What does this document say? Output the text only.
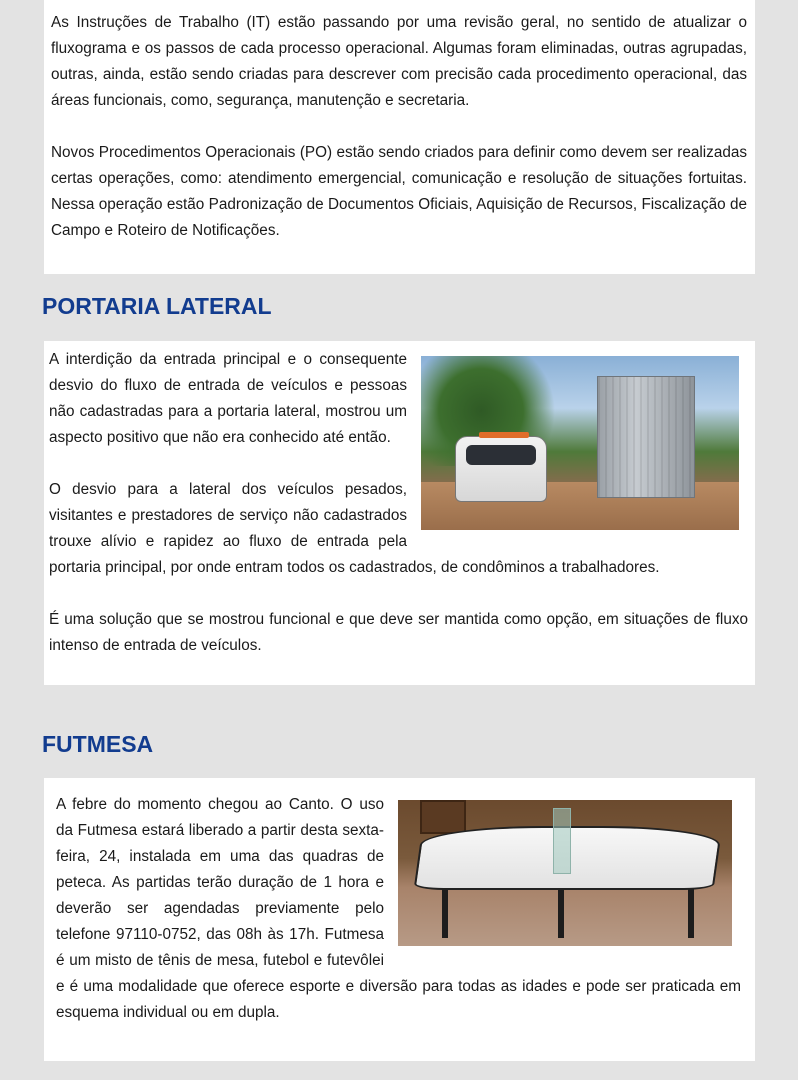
As Instruções de Trabalho (IT) estão passando por uma revisão geral, no sentido de atualizar o fluxograma e os passos de cada processo operacional. Algumas foram eliminadas, outras agrupadas, outras, ainda, estão sendo criadas para descrever com precisão cada procedimento operacional, das áreas funcionais, como, segurança, manutenção e secretaria.

Novos Procedimentos Operacionais (PO) estão sendo criados para definir como devem ser realizadas certas operações, como: atendimento emergencial, comunicação e resolução de situações fortuitas. Nessa operação estão Padronização de Documentos Oficiais, Aquisição de Recursos, Fiscalização de Campo e Roteiro de Notificações.

PORTARIA LATERAL

A interdição da entrada principal e o consequente desvio do fluxo de entrada de veículos e pessoas não cadastradas para a portaria lateral, mostrou um aspecto positivo que não era conhecido até então.

O desvio para a lateral dos veículos pesados, visitantes e prestadores de serviço não cadastrados trouxe alívio e rapidez ao fluxo de entrada pela portaria principal, por onde entram todos os cadastrados, de condôminos a trabalhadores.

É uma solução que se mostrou funcional e que deve ser mantida como opção, em situações de fluxo intenso de entrada de veículos.

FUTMESA

A febre do momento chegou ao Canto. O uso da Futmesa estará liberado a partir desta sexta-feira, 24, instalada em uma das quadras de peteca. As partidas terão duração de 1 hora e deverão ser agendadas previamente pelo telefone 97110-0752, das 08h às 17h. Futmesa é um misto de tênis de mesa, futebol e futevôlei e é uma modalidade que oferece esporte e diversão para todas as idades e pode ser praticada em esquema individual ou em dupla.
